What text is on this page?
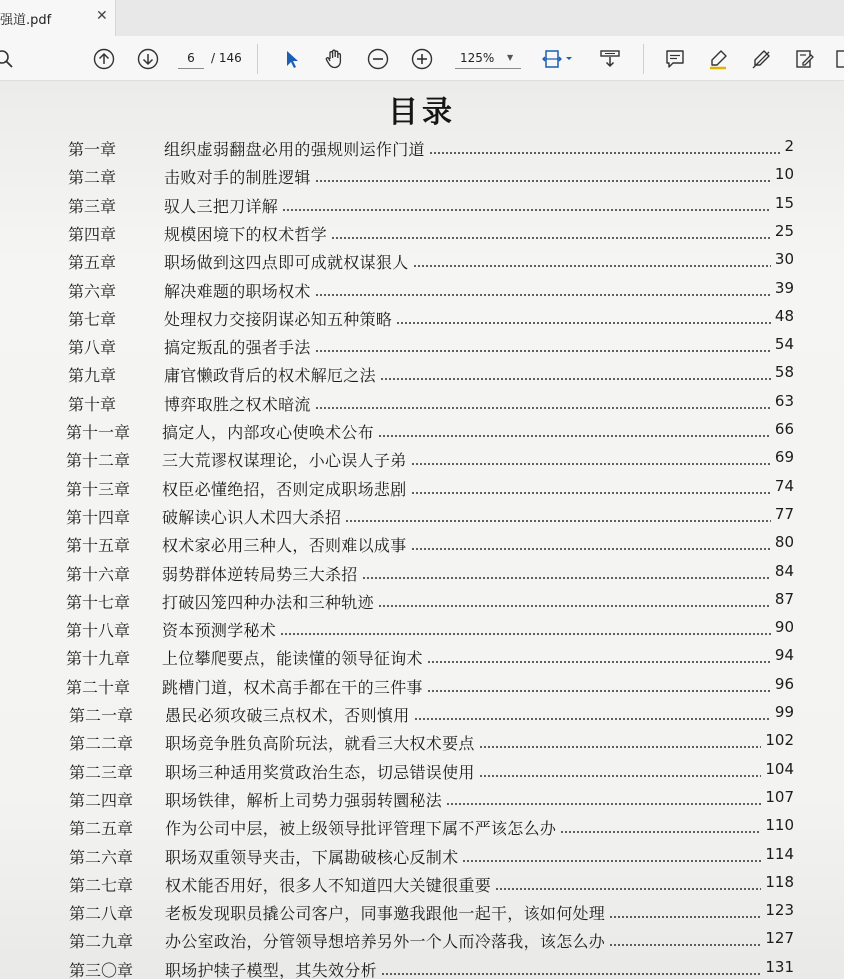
强道.pdf	✕
6
/ 146	125% ▼
目录
第一章	组织虚弱翻盘必用的强规则运作门道	2
第二章	击败对手的制胜逻辑	10
第三章	驭人三把刀详解	15
第四章	规模困境下的权术哲学	25
第五章	职场做到这四点即可成就权谋狠人	30
第六章	解决难题的职场权术	39
第七章	处理权力交接阴谋必知五种策略	48
第八章	搞定叛乱的强者手法	54
第九章	庸官懒政背后的权术解厄之法	58
第十章	博弈取胜之权术暗流	63
第十一章 搞定人，内部攻心使唤术公布	66
第十二章 三大荒谬权谋理论，小心误人子弟	69
第十三章 权臣必懂绝招，否则定成职场悲剧	74
第十四章 破解读心识人术四大杀招	77
第十五章 权术家必用三种人，否则难以成事	80
第十六章 弱势群体逆转局势三大杀招	84
第十七章 打破囚笼四种办法和三种轨迹	87
第十八章 资本预测学秘术	90
第十九章 上位攀爬要点，能读懂的领导征询术	94
第二十章 跳槽门道，权术高手都在干的三件事	96
第二一章 愚民必须攻破三点权术，否则慎用	99
第二二章 职场竞争胜负高阶玩法，就看三大权术要点	102
第二三章 职场三种适用奖赏政治生态，切忌错误使用	104
第二四章 职场铁律，解析上司势力强弱转圜秘法	107
第二五章 作为公司中层，被上级领导批评管理下属不严该怎么办	110
第二六章 职场双重领导夹击，下属勘破核心反制术	114
第二七章 权术能否用好，很多人不知道四大关键很重要	118
第二八章 老板发现职员撬公司客户，同事邀我跟他一起干，该如何处理	123
第二九章 办公室政治，分管领导想培养另外一个人而冷落我，该怎么办	127
第三〇章 职场护犊子模型，其失效分析	131
